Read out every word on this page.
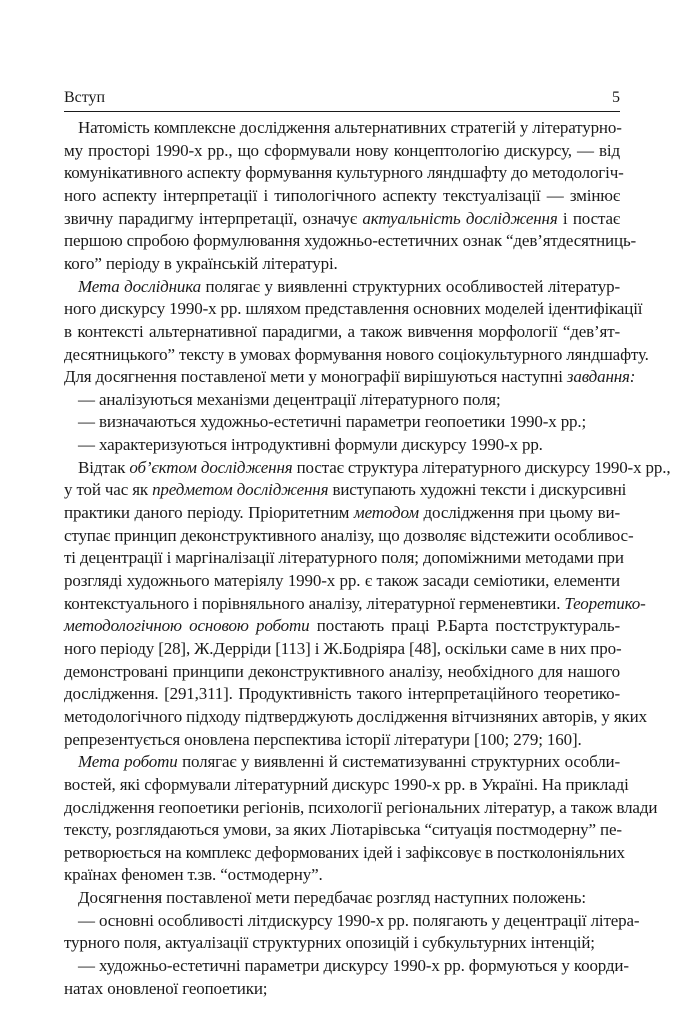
Вступ	5
Натомість комплексне дослідження альтернативних стратегій у літературно-
му просторі 1990-х рр., що сформували нову концептологію дискурсу, — від
комунікативного аспекту формування культурного ляндшафту до методологіч-
ного аспекту інтерпретації і типологічного аспекту текстуалізації — змінює
звичну парадигму інтерпретації, означує актуальність дослідження і постає
першою спробою формулювання художньо-естетичних ознак “дев’ятдесятниць-
кого” періоду в українській літературі.
Мета дослідника полягає у виявленні структурних особливостей літератур-
ного дискурсу 1990-х рр. шляхом представлення основних моделей ідентифікації
в контексті альтернативної парадигми, а також вивчення морфології “дев’ят-
десятницького” тексту в умовах формування нового соціокультурного ляндшафту.
Для досягнення поставленої мети у монографії вирішуються наступні завдання:
— аналізуються механізми децентрації літературного поля;
— визначаються художньо-естетичні параметри геопоетики 1990-х рр.;
— характеризуються інтродуктивні формули дискурсу 1990-х рр.
Відтак об’єктом дослідження постає структура літературного дискурсу 1990-х рр.,
у той час як предметом дослідження виступають художні тексти і дискурсивні
практики даного періоду. Пріоритетним методом дослідження при цьому ви-
ступає принцип деконструктивного аналізу, що дозволяє відстежити особливос-
ті децентрації і маргіналізації літературного поля; допоміжними методами при
розгляді художнього матеріялу 1990-х рр. є також засади семіотики, елементи
контекстуального і порівняльного аналізу, літературної герменевтики. Теоретико-
методологічною основою роботи постають праці Р.Барта постструктураль-
ного періоду [28], Ж.Дерріди [113] і Ж.Бодріяра [48], оскільки саме в них про-
демонстровані принципи деконструктивного аналізу, необхідного для нашого
дослідження. [291,311]. Продуктивність такого інтерпретаційного теоретико-
методологічного підходу підтверджують дослідження вітчизняних авторів, у яких
репрезентується оновлена перспектива історії літератури [100; 279; 160].
Мета роботи полягає у виявленні й систематизуванні структурних особли-
востей, які сформували літературний дискурс 1990-х рр. в Україні. На прикладі
дослідження геопоетики регіонів, психології регіональних літератур, а також влади
тексту, розглядаються умови, за яких Ліотарівська “ситуація постмодерну” пе-
ретворюється на комплекс деформованих ідей і зафіксовує в постколоніяльних
країнах феномен т.зв. “остмодерну”.
Досягнення поставленої мети передбачає розгляд наступних положень:
— основні особливості літдискурсу 1990-х рр. полягають у децентрації літера-
турного поля, актуалізації структурних опозицій і субкультурних інтенцій;
— художньо-естетичні параметри дискурсу 1990-х рр. формуються у коорди-
натах оновленої геопоетики;
